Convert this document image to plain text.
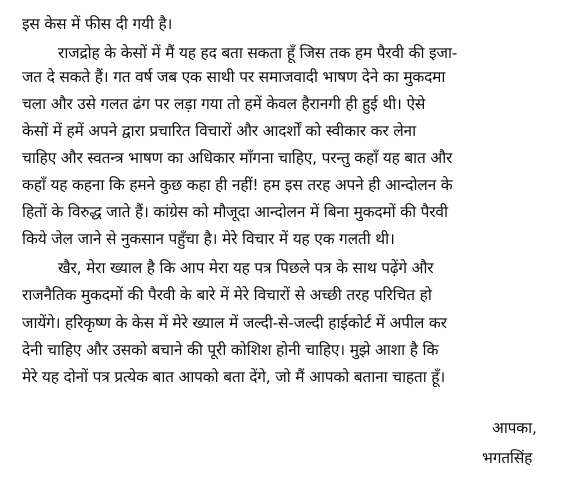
इस केस में फीस दी गयी है।
राजद्रोह के केसों में मैं यह हद बता सकता हूँ जिस तक हम पैरवी की इजा-
जत दे सकते हैं। गत वर्ष जब एक साथी पर समाजवादी भाषण देने का मुकदमा
चला और उसे गलत ढंग पर लड़ा गया तो हमें केवल हैरानगी ही हुई थी। ऐसे
केसों में हमें अपने द्वारा प्रचारित विचारों और आदर्शों को स्वीकार कर लेना
चाहिए और स्वतन्त्र भाषण का अधिकार माँगना चाहिए, परन्तु कहाँ यह बात और
कहाँ यह कहना कि हमने कुछ कहा ही नहीं! हम इस तरह अपने ही आन्दोलन के
हितों के विरुद्ध जाते हैं। कांग्रेस को मौजूदा आन्दोलन में बिना मुकदमों की पैरवी
किये जेल जाने से नुकसान पहुँचा है। मेरे विचार में यह एक गलती थी।
खैर, मेरा ख्याल है कि आप मेरा यह पत्र पिछले पत्र के साथ पढ़ेंगे और
राजनैतिक मुकदमों की पैरवी के बारे में मेरे विचारों से अच्छी तरह परिचित हो
जायेंगे। हरिकृष्ण के केस में मेरे ख्याल में जल्दी-से-जल्दी हाईकोर्ट में अपील कर
देनी चाहिए और उसको बचाने की पूरी कोशिश होनी चाहिए। मुझे आशा है कि
मेरे यह दोनों पत्र प्रत्येक बात आपको बता देंगे, जो मैं आपको बताना चाहता हूँ।
आपका,
भगतसिंह
